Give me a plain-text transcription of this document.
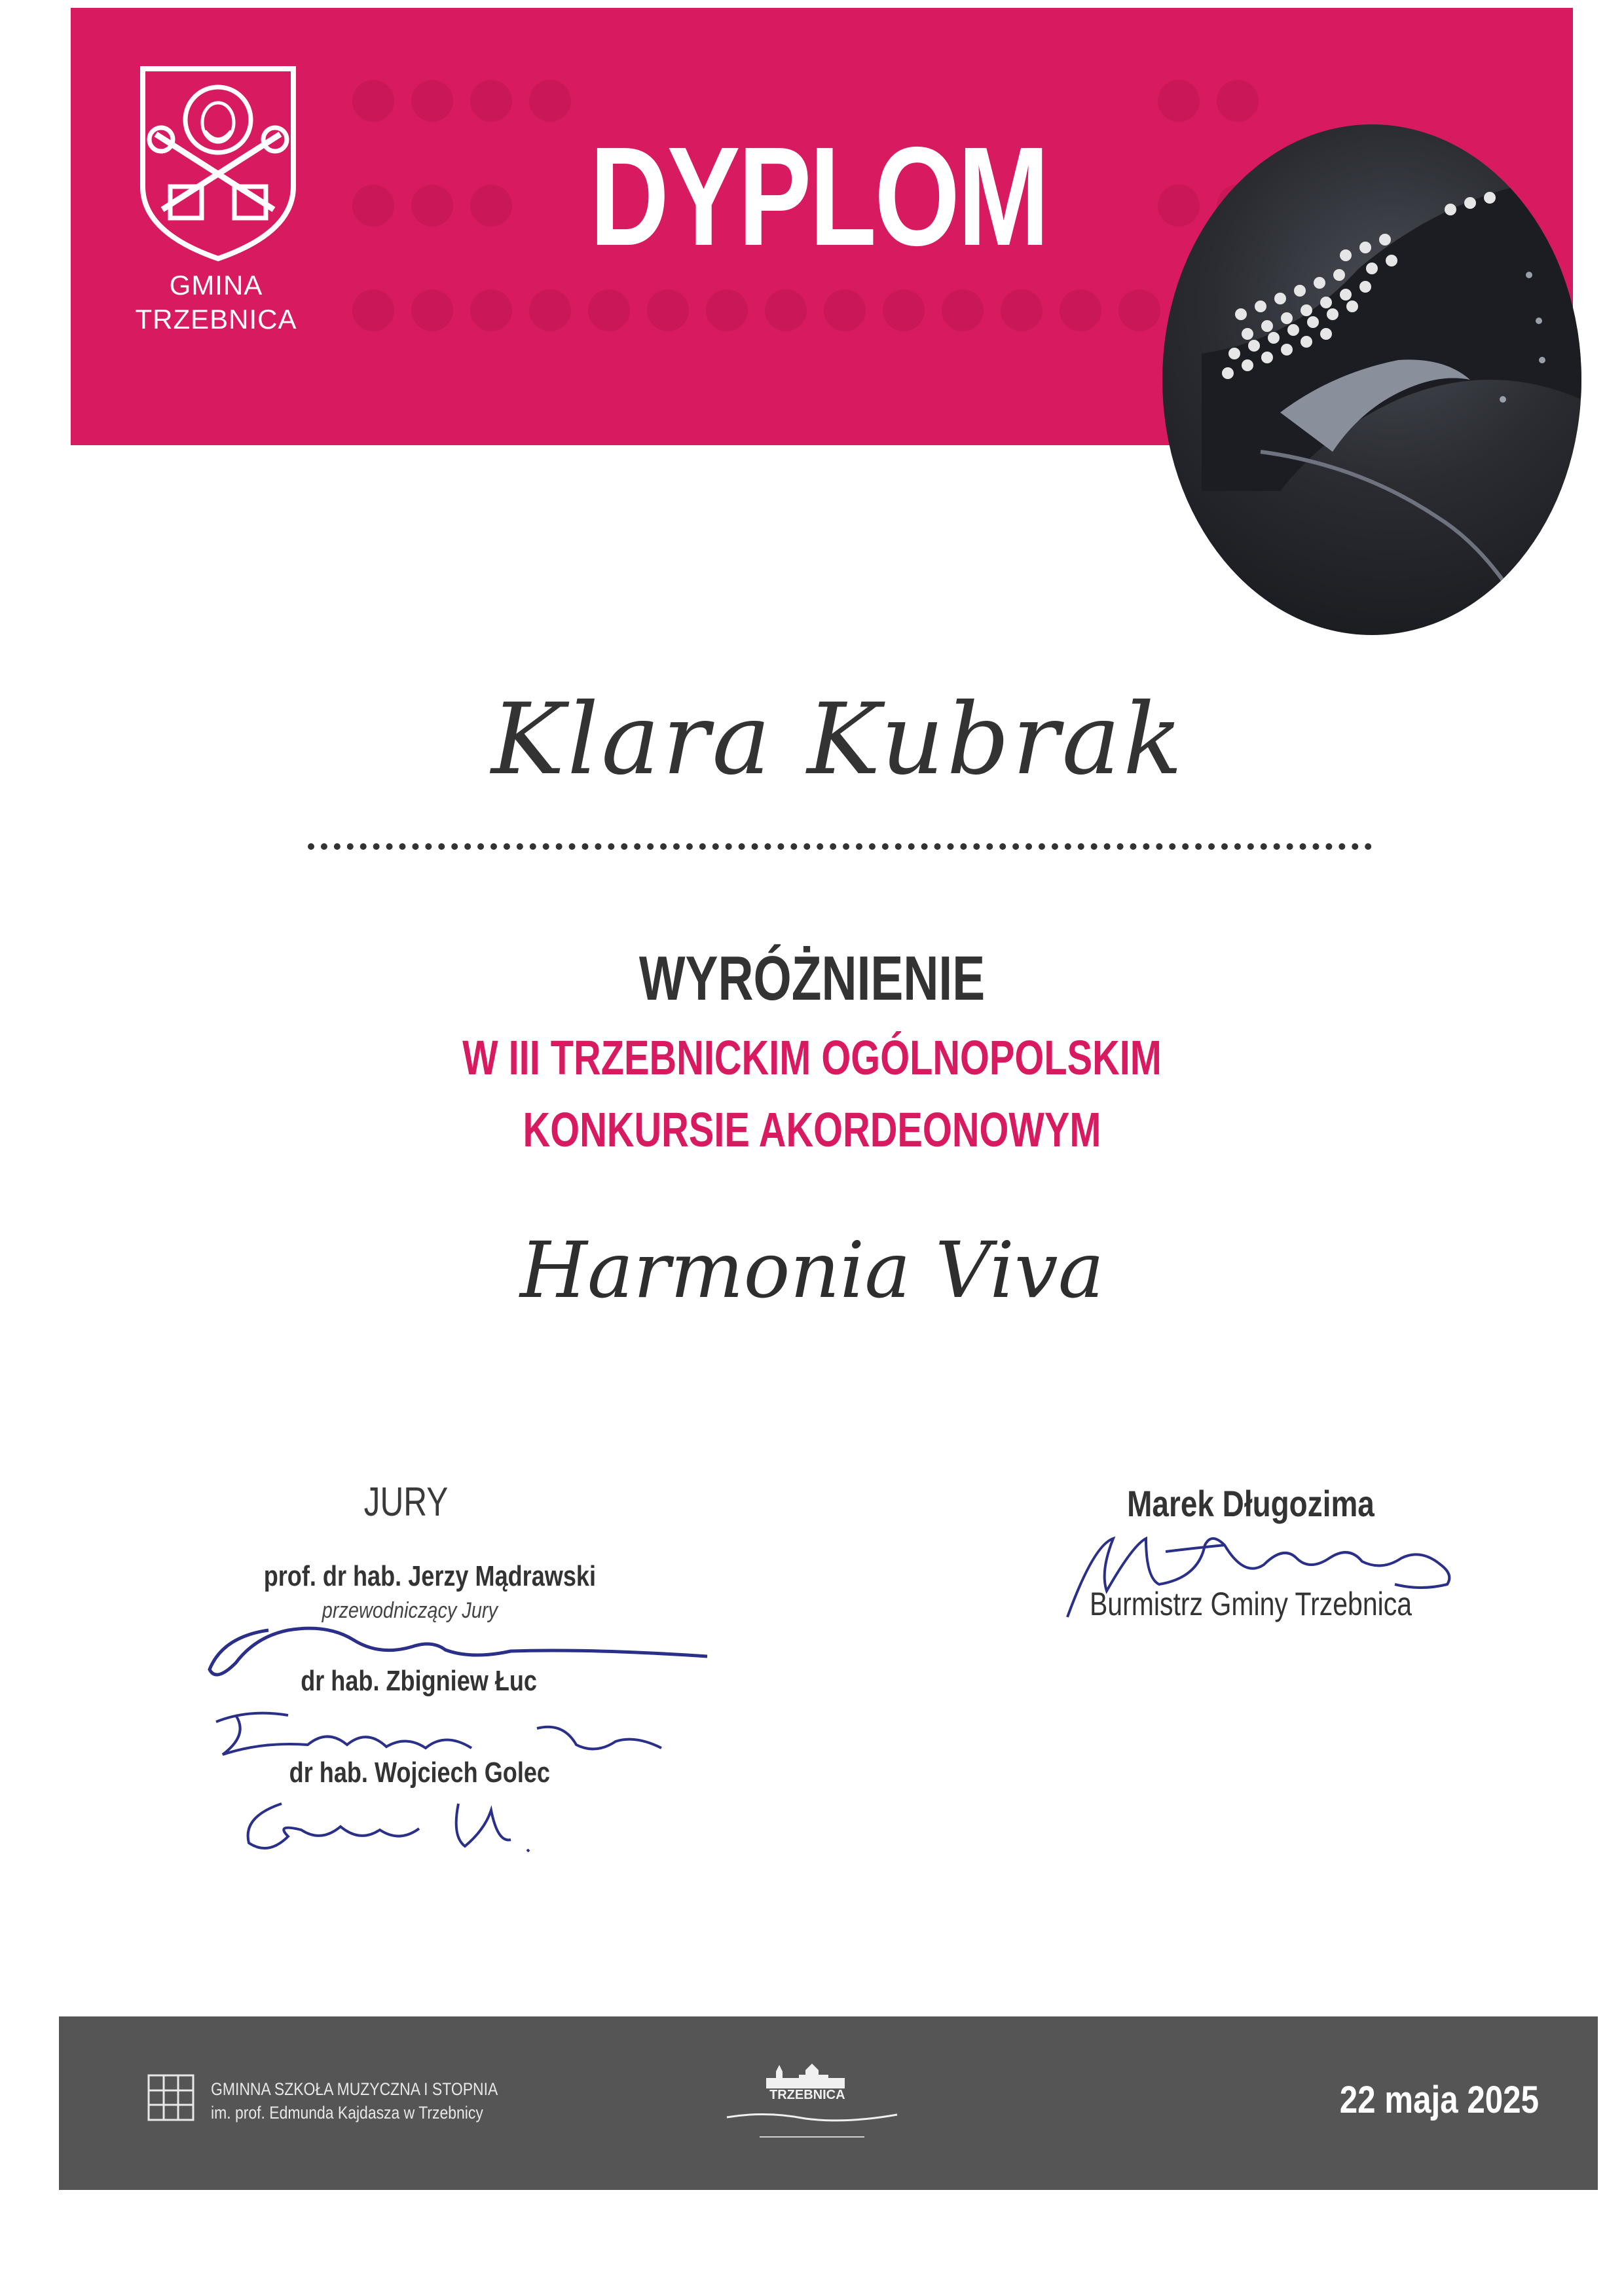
GMINA
TRZEBNICA
DYPLOM
Klara Kubrak
WYRÓŻNIENIE
W III TRZEBNICKIM OGÓLNOPOLSKIM
KONKURSIE AKORDEONOWYM
Harmonia Viva
JURY
prof. dr hab. Jerzy Mądrawski
przewodniczący Jury
dr hab. Zbigniew Łuc
dr hab. Wojciech Golec
Marek Długozima
Burmistrz Gminy Trzebnica
GMINNA SZKOŁA MUZYCZNA I STOPNIA
im. prof. Edmunda Kajdasza w Trzebnicy
TRZEBNICA	22 maja 2025
